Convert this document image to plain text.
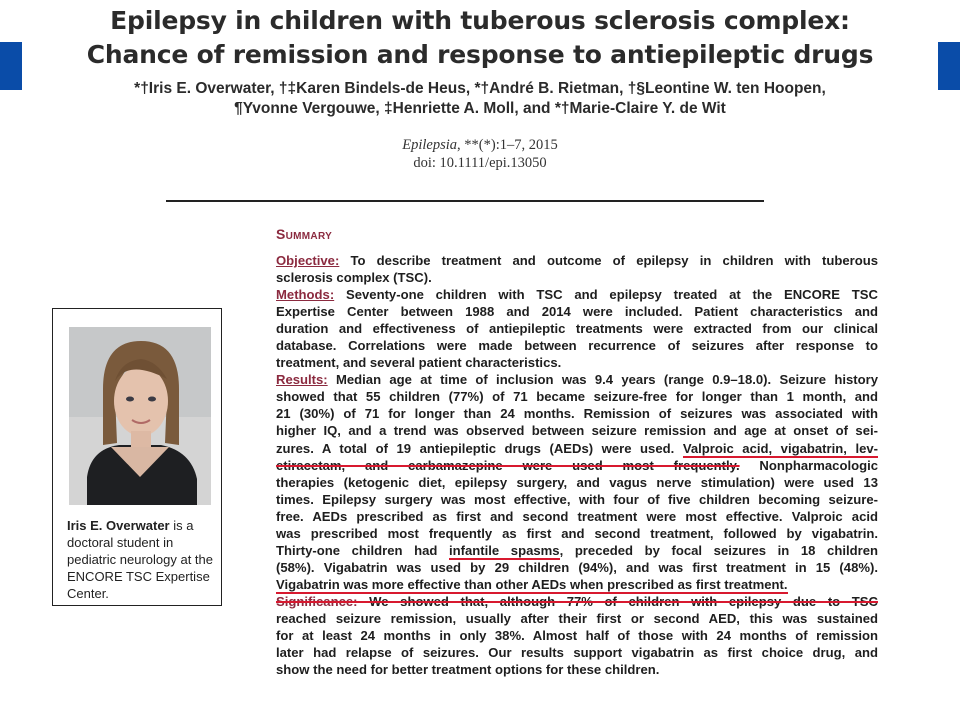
Epilepsy in children with tuberous sclerosis complex:
Chance of remission and response to antiepileptic drugs
*†Iris E. Overwater, †‡Karen Bindels-de Heus, *†André B. Rietman, †§Leontine W. ten Hoopen,
¶Yvonne Vergouwe, ‡Henriette A. Moll, and *†Marie-Claire Y. de Wit
Epilepsia, **(*):1–7, 2015
doi: 10.1111/epi.13050
Summary
Objective: To describe treatment and outcome of epilepsy in children with tuberous
sclerosis complex (TSC).
Methods: Seventy-one children with TSC and epilepsy treated at the ENCORE TSC
Expertise Center between 1988 and 2014 were included. Patient characteristics and
duration and effectiveness of antiepileptic treatments were extracted from our clinical
database. Correlations were made between recurrence of seizures after response to
treatment, and several patient characteristics.
Results: Median age at time of inclusion was 9.4 years (range 0.9–18.0). Seizure history
showed that 55 children (77%) of 71 became seizure-free for longer than 1 month, and
21 (30%) of 71 for longer than 24 months. Remission of seizures was associated with
higher IQ, and a trend was observed between seizure remission and age at onset of sei-
zures. A total of 19 antiepileptic drugs (AEDs) were used. Valproic acid, vigabatrin, lev-
etiracetam, and carbamazepine were used most frequently. Nonpharmacologic
therapies (ketogenic diet, epilepsy surgery, and vagus nerve stimulation) were used 13
times. Epilepsy surgery was most effective, with four of five children becoming seizure-
free. AEDs prescribed as first and second treatment were most effective. Valproic acid
was prescribed most frequently as first and second treatment, followed by vigabatrin.
Thirty-one children had infantile spasms, preceded by focal seizures in 18 children
(58%). Vigabatrin was used by 29 children (94%), and was first treatment in 15 (48%).
Vigabatrin was more effective than other AEDs when prescribed as first treatment.
Significance: We showed that, although 77% of children with epilepsy due to TSC
reached seizure remission, usually after their first or second AED, this was sustained
for at least 24 months in only 38%. Almost half of those with 24 months of remission
later had relapse of seizures. Our results support vigabatrin as first choice drug, and
show the need for better treatment options for these children.
Iris E. Overwater is a doctoral student in pediatric neurology at the ENCORE TSC Expertise Center.
